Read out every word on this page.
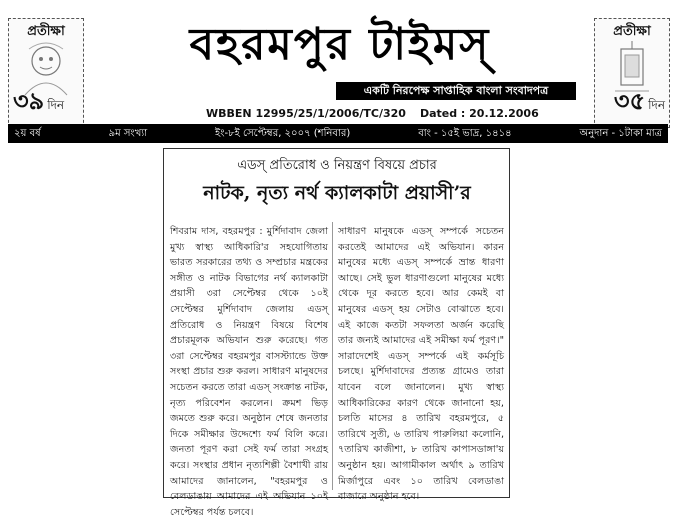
প্রতীক্ষা
৩৯ দিন
প্রতীক্ষা
৩৫ দিন
বহরমপুর টাইমস্
একটি নিরপেক্ষ সাপ্তাহিক বাংলা সংবাদপত্র
WBBEN 12995/25/1/2006/TC/320 Dated : 20.12.2006
২য় বর্ষ	৯ম সংখ্যা	ইং-৮ই সেপ্টেম্বর, ২০০৭ (শনিবার)	বাং - ১৫ই ভাদ্র, ১৪১৪	অনুদান - ১টাকা মাত্র
এডস্ প্রতিরোধ ও নিয়ন্ত্রণ বিষয়ে প্রচার
নাটক, নৃত্য নর্থ ক্যালকাটা প্রয়াসী’র
শিবরাম দাস, বহরমপুর : মুর্শিদাবাদ জেলা মুখ্য স্বাস্থ্য আধিকারি'র সহযোগিতায় ভারত সরকারের তথ্য ও সম্প্রচার মন্ত্রকের সঙ্গীত ও নাটক বিভাগের নর্থ ক্যালকাটা প্রয়াসী ৩রা সেপ্টেম্বর থেকে ১০ই সেপ্টেম্বর মুর্শিদাবাদ জেলায় এডস্ প্রতিরোধ ও নিয়ন্ত্রণ বিষয়ে বিশেষ প্রচারমূলক অভিযান শুরু করেছে। গত ৩রা সেপ্টেম্বর বহরমপুর বাসস্ট্যান্ডে উক্ত সংস্থা প্রচার শুরু করল। সাধারণ মানুষদের সচেতন করতে তারা এডস্ সংক্রান্ত নাটক, নৃত্য পরিবেশন করলেন। ক্রমশ ভিড় জমতে শুরু করে। অনুষ্ঠান শেষে জনতার দিকে সমীক্ষার উদ্দেশ্যে ফর্ম বিলি করে। জনতা পূরণ করা সেই ফর্ম তারা সংগ্রহ করে। সংস্থার প্রধান নৃত্যশিল্পী বৈশাখী রায় আমাদের জানালেন, "বহরমপুর ও বেলডাঙায় আমাদের এই অভিযান ১০ই সেপ্টেম্বর পর্যন্ত চলবে।
সাধারণ মানুষকে এডস্ সম্পর্কে সচেতন করতেই আমাদের এই অভিযান। কারন মানুষের মধ্যে এডস্ সম্পর্কে ভ্রান্ত ধারণা আছে। সেই ভুল ধারণাগুলো মানুষের মধ্যে থেকে দূর করতে হবে। আর কেমই বা মানুষের এডস্ হয় সেটাও বোঝাতে হবে। এই কাজে কতটা সফলতা অর্জন করেছি তার জন্যই আমাদের এই সমীক্ষা ফর্ম পূরণ।" সারাদেশেই এডস্ সম্পর্কে এই কর্মসূচি চলছে। মুর্শিদাবাদের প্রত্যন্ত গ্রামেও তারা যাবেন বলে জানালেন। মুখ্য স্বাস্থ্য আধিকারিকের কারণ থেকে জানানো হয়, চলতি মাসের ৪ তারিখ বহরমপুরে, ৫ তারিখে সুতী, ৬ তারিখ পারুলিয়া কলোনি, ৭তারিখ কাজীশা, ৮ তারিখ কাপাসডাঙ্গা'য় অনুষ্ঠান হয়। আগামীকাল অর্থাৎ ৯ তারিখ মির্জাপুরে এবং ১০ তারিখ বেলডাঙা বাজারে অনুষ্ঠান হবে।
